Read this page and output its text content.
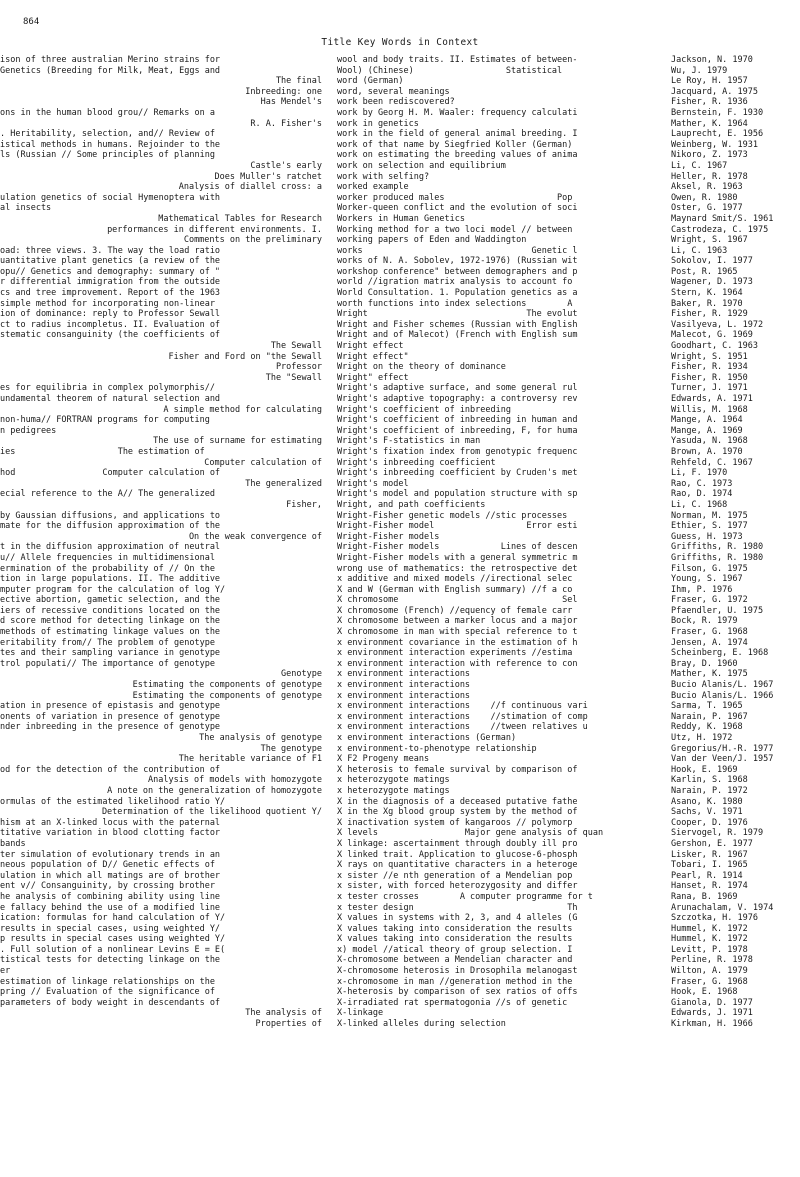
864
Title Key Words in Context
ison of three australian Merino strains for
Genetics (Breeding for Milk, Meat, Eggs and
The final
Inbreeding: one
Has Mendel's
ons in the human blood grou// Remarks on a
R. A. Fisher's
. Heritability, selection, and// Review of
istical methods in humans. Rejoinder to the
ls (Russian // Some principles of planning
Castle's early
Does Muller's ratchet
Analysis of diallel cross: a
ulation genetics of social Hymenoptera with
al insects
Mathematical Tables for Research
performances in different environments. I.
Comments on the preliminary
oad: three views. 3. The way the load ratio
uantitative plant genetics (a review of the
opu// Genetics and demography: summary of "
r differential immigration from the outside
cs and tree improvement. Report of the 1963
simple method for incorporating non-linear
ion of dominance: reply to Professor Sewall
ct to radius incompletus. II. Evaluation of
stematic consanguinity (the coefficients of
The Sewall
Fisher and Ford on "the Sewall
Professor
The "Sewall
es for equilibria in complex polymorphis//
undamental theorem of natural selection and
A simple method for calculating
non-huma// FORTRAN programs for computing
n pedigrees
The use of surname for estimating
ies                    The estimation of
Computer calculation of
hod                 Computer calculation of
The generalized
ecial reference to the A// The generalized
Fisher,
by Gaussian diffusions, and applications to
mate for the diffusion approximation of the
On the weak convergence of
t in the diffusion approximation of neutral
u// Allele frequencies in multidimensional
ermination of the probability of // On the
tion in large populations. II. The additive
mputer program for the calculation of log Y/
ective abortion, gametic selection, and the
iers of recessive conditions located on the
d score method for detecting linkage on the
methods of estimating linkage values on the
eritability from// The problem of genotype
tes and their sampling variance in genotype
trol populati// The importance of genotype
Genotype
Estimating the components of genotype
Estimating the components of genotype
ation in presence of epistasis and genotype
onents of variation in presence of genotype
nder inbreeding in the presence of genotype
The analysis of genotype
The genotype
The heritable variance of F1
od for the detection of the contribution of
Analysis of models with homozygote
A note on the generalization of homozygote
ormulas of the estimated likelihood ratio Y/
Determination of the likelihood quotient Y/
hism at an X-linked locus with the paternal
titative variation in blood clotting factor
bands
ter simulation of evolutionary trends in an
neous population of D// Genetic effects of
ulation in which all matings are of brother
ent v// Consanguinity, by crossing brother
he analysis of combining ability using line
e fallacy behind the use of a modified line
ication: formulas for hand calculation of Y/
results in special cases, using weighted Y/
p results in special cases using weighted Y/
. Full solution of a nonlinear Levins E = E(
tistical tests for detecting linkage on the
er
estimation of linkage relationships on the
pring // Evaluation of the significance of
parameters of body weight in descendants of
The analysis of
Properties of
wool and body traits. II. Estimates of between-
Wool) (Chinese)                  Statistical
word (German)
word, several meanings
work been rediscovered?
work by Georg H. M. Waaler: frequency calculati
work in genetics
work in the field of general animal breeding. I
work of that name by Siegfried Koller (German)
work on estimating the breeding values of anima
work on selection and equilibrium
work with selfing?
worked example
worker produced males                      Pop
Worker-queen conflict and the evolution of soci
Workers in Human Genetics
Working method for a two loci model // between
working papers of Eden and Waddington
works                                 Genetic l
works of N. A. Sobolev, 1972-1976) (Russian wit
workshop conference" between demographers and p
world //igration matrix analysis to account fo
World Consultation. 1. Population genetics as a
worth functions into index selections        A
Wright                               The evolut
Wright and Fisher schemes (Russian with English
Wright and of Malecot) (French with English sum
Wright effect
Wright effect"
Wright on the theory of dominance
Wright" effect
Wright's adaptive surface, and some general rul
Wright's adaptive topography: a controversy rev
Wright's coefficient of inbreeding
Wright's coefficient of inbreeding in human and
Wright's coefficient of inbreeding, F, for huma
Wright's F-statistics in man
Wright's fixation index from genotypic frequenc
Wright's inbreeding coefficient
Wright's inbreeding coefficient by Cruden's met
Wright's model
Wright's model and population structure with sp
Wright, and path coefficients
Wright-Fisher genetic models //stic processes
Wright-Fisher model                  Error esti
Wright-Fisher models
Wright-Fisher models            Lines of descen
Wright-Fisher models with a general symmetric m
wrong use of mathematics: the retrospective det
x additive and mixed models //irectional selec
X and W (German with English summary) //f a co
X chromosome                                Sel
X chromosome (French) //equency of female carr
X chromosome between a marker locus and a major
X chromosome in man with special reference to t
x environment covariance in the estimation of h
x environment interaction experiments //estima
x environment interaction with reference to con
x environment interactions
x environment interactions
x environment interactions
x environment interactions    //f continuous vari
x environment interactions    //stimation of comp
x environment interactions    //tween relatives u
x environment interactions (German)
x environment-to-phenotype relationship
X F2 Progeny means
X heterosis to female survival by comparison of
x heterozygote matings
x heterozygote matings
X in the diagnosis of a deceased putative fathe
X in the Xg blood group system by the method of
X inactivation system of kangaroos // polymorp
X levels                 Major gene analysis of quan
X linkage: ascertainment through doubly ill pro
X linked trait. Application to glucose-6-phosph
X rays on quantitative characters in a heteroge
x sister //e nth generation of a Mendelian pop
x sister, with forced heterozygosity and differ
x tester crosses        A computer programme for t
x tester design                              Th
X values in systems with 2, 3, and 4 alleles (G
X values taking into consideration the results
X values taking into consideration the results
x) model //atical theory of group selection. I
X-chromosome between a Mendelian character and
X-chromosome heterosis in Drosophila melanogast
x-chromosome in man //generation method in the
X-heterosis by comparison of sex ratios of offs
X-irradiated rat spermatogonia //s of genetic
X-linkage
X-linked alleles during selection
Jackson, N. 1970
Wu, J. 1979
Le Roy, H. 1957
Jacquard, A. 1975
Fisher, R. 1936
Bernstein, F. 1930
Mather, K. 1964
Lauprecht, E. 1956
Weinberg, W. 1931
Nikoro, Z. 1973
Li, C. 1967
Heller, R. 1978
Aksel, R. 1963
Owen, R. 1980
Oster, G. 1977
Maynard Smit/S. 1961
Castrodeza, C. 1975
Wright, S. 1967
Li, C. 1963
Sokolov, I. 1977
Post, R. 1965
Wagener, D. 1973
Stern, K. 1964
Baker, R. 1970
Fisher, R. 1929
Vasilyeva, L. 1972
Malecot, G. 1969
Goodhart, C. 1963
Wright, S. 1951
Fisher, R. 1934
Fisher, R. 1950
Turner, J. 1971
Edwards, A. 1971
Willis, M. 1968
Mange, A. 1964
Mange, A. 1969
Yasuda, N. 1968
Brown, A. 1970
Rehfeld, C. 1967
Li, F. 1970
Rao, C. 1973
Rao, D. 1974
Li, C. 1968
Norman, M. 1975
Ethier, S. 1977
Guess, H. 1973
Griffiths, R. 1980
Griffiths, R. 1980
Filson, G. 1975
Young, S. 1967
Ihm, P. 1976
Fraser, G. 1972
Pfaendler, U. 1975
Bock, R. 1979
Fraser, G. 1968
Jensen, A. 1974
Scheinberg, E. 1968
Bray, D. 1960
Mather, K. 1975
Bucio Alanis/L. 1967
Bucio Alanis/L. 1966
Sarma, T. 1965
Narain, P. 1967
Reddy, K. 1968
Utz, H. 1972
Gregorius/H.-R. 1977
Van der Veen/J. 1957
Hook, E. 1969
Karlin, S. 1968
Narain, P. 1972
Asano, K. 1980
Sachs, V. 1971
Cooper, D. 1976
Siervogel, R. 1979
Gershon, E. 1977
Lisker, R. 1967
Tobari, I. 1965
Pearl, R. 1914
Hanset, R. 1974
Rana, B. 1969
Arunachalam, V. 1974
Szczotka, H. 1976
Hummel, K. 1972
Hummel, K. 1972
Levitt, P. 1978
Perline, R. 1978
Wilton, A. 1979
Fraser, G. 1968
Hook, E. 1968
Gianola, D. 1977
Edwards, J. 1971
Kirkman, H. 1966
